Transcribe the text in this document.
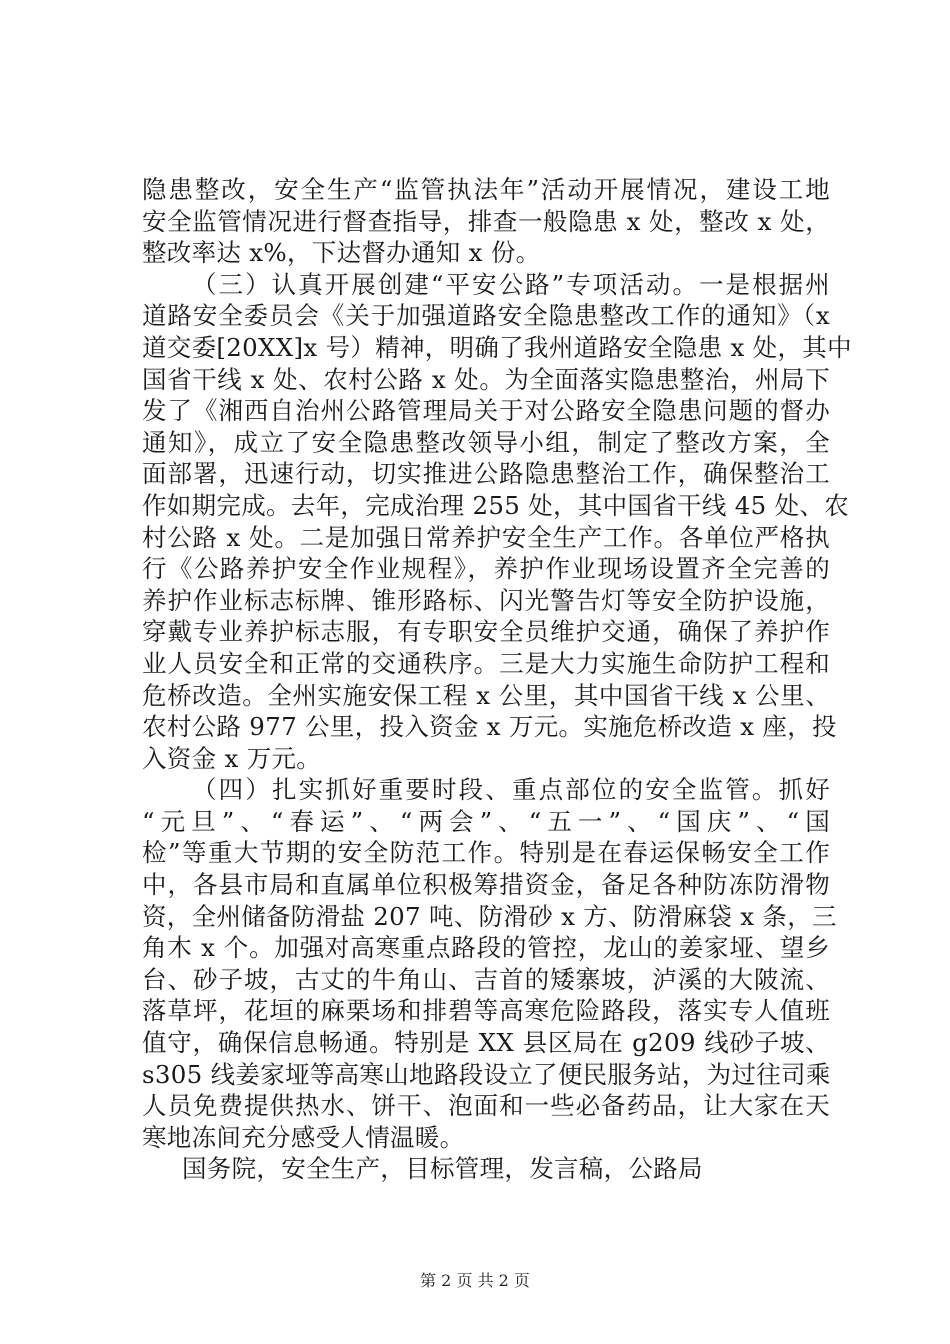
隐患整改，安全生产“监管执法年”活动开展情况，建设工地
安全监管情况进行督查指导，排查一般隐患 x 处，整改 x 处，
整改率达 x%，下达督办通知 x 份。
（三）认真开展创建“平安公路”专项活动。一是根据州
道路安全委员会《关于加强道路安全隐患整改工作的通知》（x
道交委[20XX]x 号）精神，明确了我州道路安全隐患 x 处，其中
国省干线 x 处、农村公路 x 处。为全面落实隐患整治，州局下
发了《湘西自治州公路管理局关于对公路安全隐患问题的督办
通知》，成立了安全隐患整改领导小组，制定了整改方案，全
面部署，迅速行动，切实推进公路隐患整治工作，确保整治工
作如期完成。去年，完成治理 255 处，其中国省干线 45 处、农
村公路 x 处。二是加强日常养护安全生产工作。各单位严格执
行《公路养护安全作业规程》，养护作业现场设置齐全完善的
养护作业标志标牌、锥形路标、闪光警告灯等安全防护设施，
穿戴专业养护标志服，有专职安全员维护交通，确保了养护作
业人员安全和正常的交通秩序。三是大力实施生命防护工程和
危桥改造。全州实施安保工程 x 公里，其中国省干线 x 公里、
农村公路 977 公里，投入资金 x 万元。实施危桥改造 x 座，投
入资金 x 万元。
（四）扎实抓好重要时段、重点部位的安全监管。抓好
“元旦”、“春运”、“两会”、“五一”、“国庆”、“国
检”等重大节期的安全防范工作。特别是在春运保畅安全工作
中，各县市局和直属单位积极筹措资金，备足各种防冻防滑物
资，全州储备防滑盐 207 吨、防滑砂 x 方、防滑麻袋 x 条，三
角木 x 个。加强对高寒重点路段的管控，龙山的姜家垭、望乡
台、砂子坡，古丈的牛角山、吉首的矮寨坡，泸溪的大陂流、
落草坪，花垣的麻栗场和排碧等高寒危险路段，落实专人值班
值守，确保信息畅通。特别是 XX 县区局在 g209 线砂子坡、
s305 线姜家垭等高寒山地路段设立了便民服务站，为过往司乘
人员免费提供热水、饼干、泡面和一些必备药品，让大家在天
寒地冻间充分感受人情温暖。
国务院，安全生产，目标管理，发言稿，公路局
第 2 页 共 2 页
